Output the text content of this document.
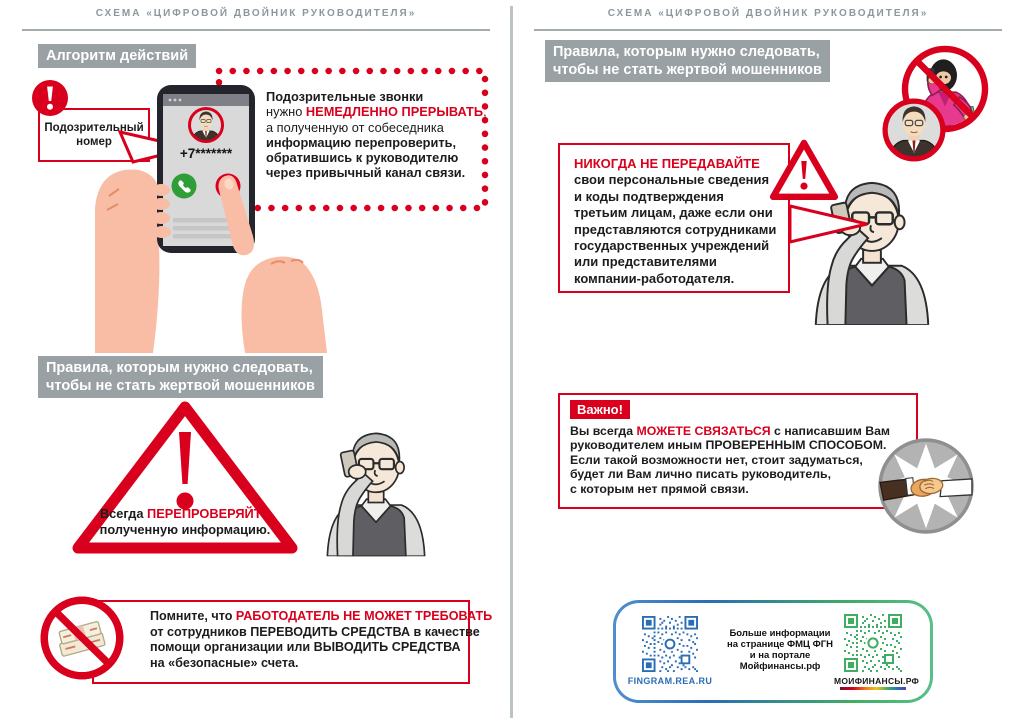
СХЕМА «ЦИФРОВОЙ ДВОЙНИК РУКОВОДИТЕЛЯ»
Алгоритм действий
Подозрительные звонки
нужно НЕМЕДЛЕННО ПРЕРЫВАТЬ,
а полученную от собеседника
информацию перепроверить,
обратившись к руководителю
через привычный канал связи.
Подозрительный
номер
+7*******
Правила, которым нужно следовать,
чтобы не стать жертвой мошенников
Всегда ПЕРЕПРОВЕРЯЙТЕ
полученную информацию.
Помните, что РАБОТОДАТЕЛЬ НЕ МОЖЕТ ТРЕБОВАТЬ
от сотрудников ПЕРЕВОДИТЬ СРЕДСТВА в качестве
помощи организации или ВЫВОДИТЬ СРЕДСТВА
на «безопасные» счета.
СХЕМА «ЦИФРОВОЙ ДВОЙНИК РУКОВОДИТЕЛЯ»
Правила, которым нужно следовать,
чтобы не стать жертвой мошенников
НИКОГДА НЕ ПЕРЕДАВАЙТЕ
свои персональные сведения
и коды подтверждения
третьим лицам, даже если они
представляются сотрудниками
государственных учреждений
или представителями
компании-работодателя.
Важно!
Вы всегда МОЖЕТЕ СВЯЗАТЬСЯ с написавшим Вам
руководителем иным ПРОВЕРЕННЫМ СПОСОБОМ.
Если такой возможности нет, стоит задуматься,
будет ли Вам лично писать руководитель,
с которым нет прямой связи.
FINGRAM.REA.RU
Больше информации
на странице ФМЦ ФГН
и на портале
Мойфинансы.рф
МОИФИНАНСЫ.РФ
